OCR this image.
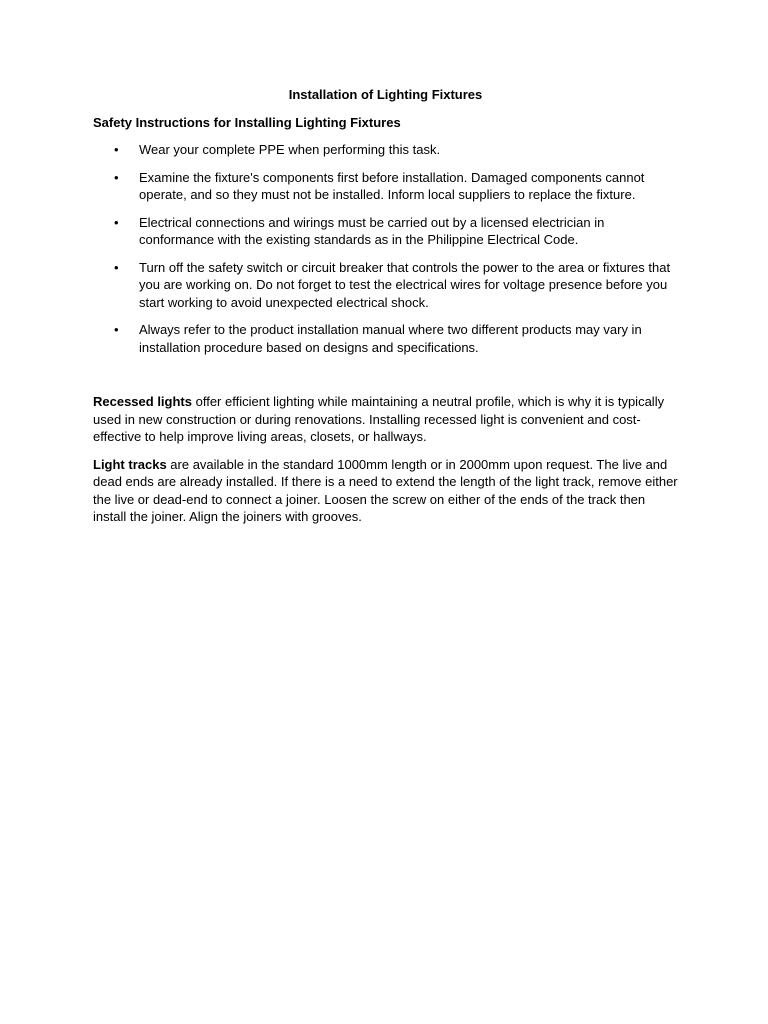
Installation of Lighting Fixtures
Safety Instructions for Installing Lighting Fixtures
• Wear your complete PPE when performing this task.
• Examine the fixture's components first before installation. Damaged components cannot operate, and so they must not be installed. Inform local suppliers to replace the fixture.
• Electrical connections and wirings must be carried out by a licensed electrician in conformance with the existing standards as in the Philippine Electrical Code.
• Turn off the safety switch or circuit breaker that controls the power to the area or fixtures that you are working on. Do not forget to test the electrical wires for voltage presence before you start working to avoid unexpected electrical shock.
• Always refer to the product installation manual where two different products may vary in installation procedure based on designs and specifications.

Recessed lights offer efficient lighting while maintaining a neutral profile, which is why it is typically used in new construction or during renovations. Installing recessed light is convenient and cost-effective to help improve living areas, closets, or hallways.

Light tracks are available in the standard 1000mm length or in 2000mm upon request. The live and dead ends are already installed. If there is a need to extend the length of the light track, remove either the live or dead-end to connect a joiner. Loosen the screw on either of the ends of the track then install the joiner. Align the joiners with grooves.
